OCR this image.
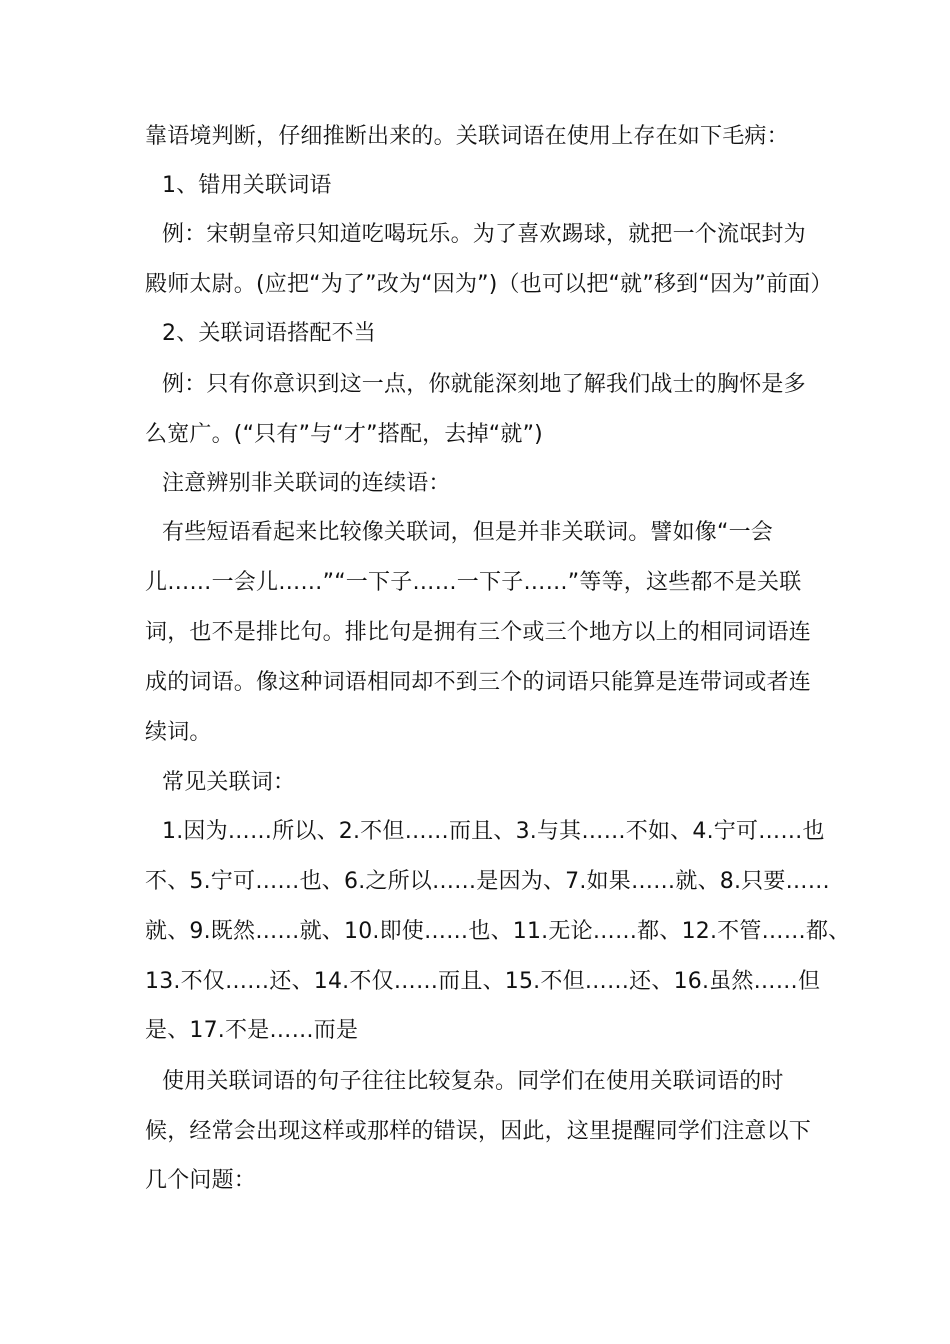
靠语境判断，仔细推断出来的。关联词语在使用上存在如下毛病：
1、错用关联词语
例：宋朝皇帝只知道吃喝玩乐。为了喜欢踢球，就把一个流氓封为
殿师太尉。(应把“为了”改为“因为”)（也可以把“就”移到“因为”前面）
2、关联词语搭配不当
例：只有你意识到这一点，你就能深刻地了解我们战士的胸怀是多
么宽广。(“只有”与“才”搭配，去掉“就”)
注意辨别非关联词的连续语：
有些短语看起来比较像关联词，但是并非关联词。譬如像“一会
儿……一会儿……”“一下子……一下子……”等等，这些都不是关联
词，也不是排比句。排比句是拥有三个或三个地方以上的相同词语连
成的词语。像这种词语相同却不到三个的词语只能算是连带词或者连
续词。
常见关联词：
1.因为……所以、2.不但……而且、3.与其……不如、4.宁可……也
不、5.宁可……也、6.之所以……是因为、7.如果……就、8.只要……
就、9.既然……就、10.即使……也、11.无论……都、12.不管……都、
13.不仅……还、14.不仅……而且、15.不但……还、16.虽然……但
是、17.不是……而是
使用关联词语的句子往往比较复杂。同学们在使用关联词语的时
候，经常会出现这样或那样的错误，因此，这里提醒同学们注意以下
几个问题：
